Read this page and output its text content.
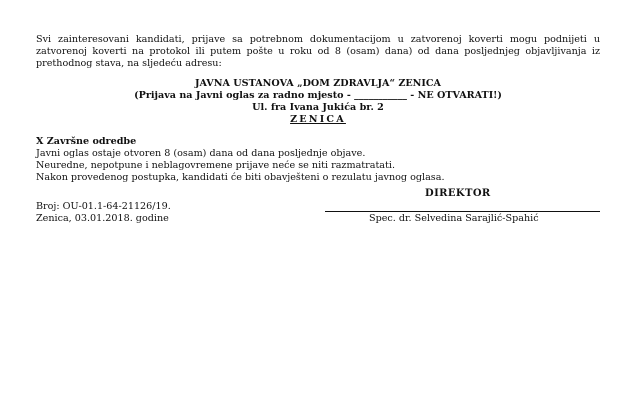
Svi zainteresovani kandidati, prijave sa potrebnom dokumentacijom u zatvorenoj koverti mogu podnijeti u zatvorenoj koverti na protokol ili putem pošte u roku od 8 (osam) dana) od dana posljednjeg objavljivanja iz prethodnog stava, na sljedeću adresu:

JAVNA USTANOVA „DOM ZDRAVLJA“ ZENICA
(Prijava na Javni oglas za radno mjesto - ___________ - NE OTVARATI!)
Ul. fra Ivana Jukića br. 2
ZENICA
X Završne odredbe
Javni oglas ostaje otvoren 8 (osam) dana od dana posljednje objave.
Neuredne, nepotpune i neblagovremene prijave neće se niti razmatratati.
Nakon provedenog postupka, kandidati će biti obavješteni o rezulatu javnog oglasa.
DIREKTOR
Broj: OU-01.1-64-21126/19.
Zenica, 03.01.2018. godine	Spec. dr. Selvedina Sarajlić-Spahić
